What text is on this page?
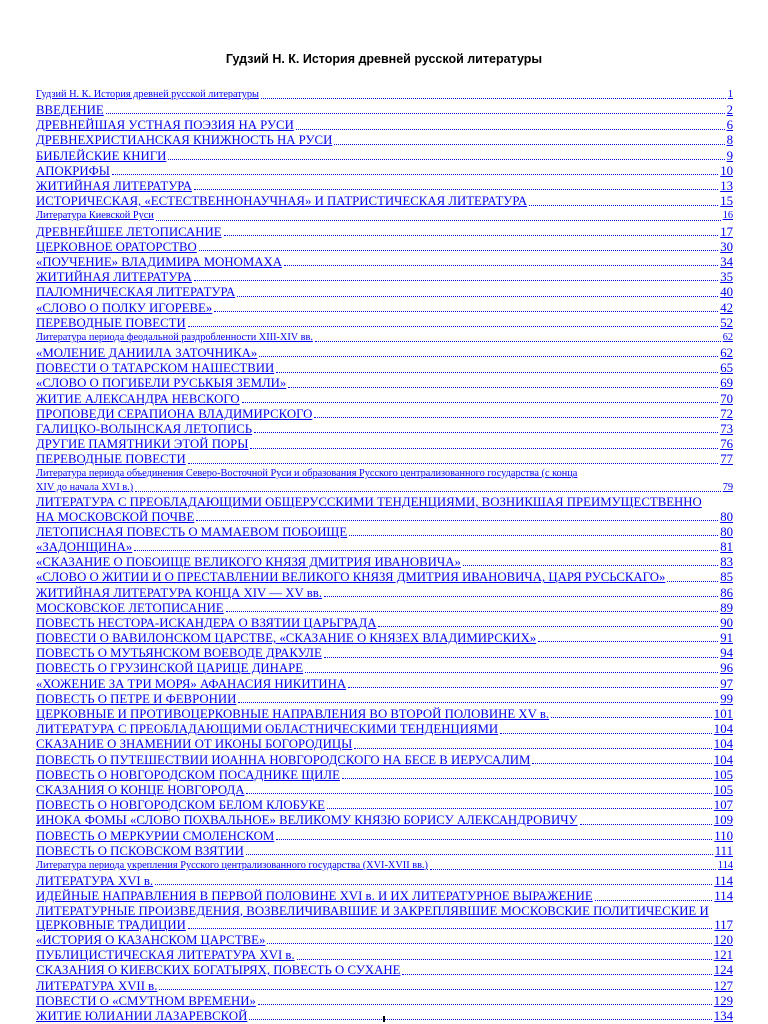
Гудзий Н. К. История древней русской литературы
Гудзий Н. К. История древней русской литературы	1
ВВЕДЕНИЕ	2
ДРЕВНЕЙШАЯ УСТНАЯ ПОЭЗИЯ НА РУСИ	6
ДРЕВНЕХРИСТИАНСКАЯ КНИЖНОСТЬ НА РУСИ	8
БИБЛЕЙСКИЕ КНИГИ	9
АПОКРИФЫ	10
ЖИТИЙНАЯ ЛИТЕРАТУРА	13
ИСТОРИЧЕСКАЯ, «ЕСТЕСТВЕННОНАУЧНАЯ» И ПАТРИСТИЧЕСКАЯ ЛИТЕРАТУРА	15
Литература Киевской Руси	16
ДРЕВНЕЙШЕЕ ЛЕТОПИСАНИЕ	17
ЦЕРКОВНОЕ ОРАТОРСТВО	30
«ПОУЧЕНИЕ» ВЛАДИМИРА МОНОМАХА	34
ЖИТИЙНАЯ ЛИТЕРАТУРА	35
ПАЛОМНИЧЕСКАЯ ЛИТЕРАТУРА	40
«СЛОВО О ПОЛКУ ИГОРЕВЕ»	42
ПЕРЕВОДНЫЕ ПОВЕСТИ	52
Литература периода феодальной раздробленности XIII-XIV вв.	62
«МОЛЕНИЕ ДАНИИЛА ЗАТОЧНИКА»	62
ПОВЕСТИ О ТАТАРСКОМ НАШЕСТВИИ	65
«СЛОВО О ПОГИБЕЛИ РУСЬКЫЯ ЗЕМЛИ»	69
ЖИТИЕ АЛЕКСАНДРА НЕВСКОГО	70
ПРОПОВЕДИ СЕРАПИОНА ВЛАДИМИРСКОГО	72
ГАЛИЦКО-ВОЛЫНСКАЯ ЛЕТОПИСЬ	73
ДРУГИЕ ПАМЯТНИКИ ЭТОЙ ПОРЫ	76
ПЕРЕВОДНЫЕ ПОВЕСТИ	77
Литература периода объединения Северо-Восточной Руси и образования Русского централизованного государства (с конца
XIV до начала XVI в.)	79
ЛИТЕРАТУРА С ПРЕОБЛАДАЮЩИМИ ОБЩЕРУССКИМИ ТЕНДЕНЦИЯМИ, ВОЗНИКШАЯ ПРЕИМУЩЕСТВЕННО
НА МОСКОВСКОЙ ПОЧВЕ	80
ЛЕТОПИСНАЯ ПОВЕСТЬ О МАМАЕВОМ ПОБОИЩЕ	80
«ЗАДОНЩИНА»	81
«СКАЗАНИЕ О ПОБОИЩЕ ВЕЛИКОГО КНЯЗЯ ДМИТРИЯ ИВАНОВИЧА»	83
«СЛОВО О ЖИТИИ И О ПРЕСТАВЛЕНИИ ВЕЛИКОГО КНЯЗЯ ДМИТРИЯ ИВАНОВИЧА, ЦАРЯ РУСЬСКАГО»	85
ЖИТИЙНАЯ ЛИТЕРАТУРА КОНЦА XIV — XV вв.	86
МОСКОВСКОЕ ЛЕТОПИСАНИЕ	89
ПОВЕСТЬ НЕСТОРА-ИСКАНДЕРА О ВЗЯТИИ ЦАРЬГРАДА	90
ПОВЕСТИ О ВАВИЛОНСКОМ ЦАРСТВЕ, «СКАЗАНИЕ О КНЯЗЕХ ВЛАДИМИРСКИХ»	91
ПОВЕСТЬ О МУТЬЯНСКОМ ВОЕВОДЕ ДРАКУЛЕ	94
ПОВЕСТЬ О ГРУЗИНСКОЙ ЦАРИЦЕ ДИНАРЕ	96
«ХОЖЕНИЕ ЗА ТРИ МОРЯ» АФАНАСИЯ НИКИТИНА	97
ПОВЕСТЬ О ПЕТРЕ И ФЕВРОНИИ	99
ЦЕРКОВНЫЕ И ПРОТИВОЦЕРКОВНЫЕ НАПРАВЛЕНИЯ ВО ВТОРОЙ ПОЛОВИНЕ XV в.	101
ЛИТЕРАТУРА С ПРЕОБЛАДАЮЩИМИ ОБЛАСТНИЧЕСКИМИ ТЕНДЕНЦИЯМИ	104
СКАЗАНИЕ О ЗНАМЕНИИ ОТ ИКОНЫ БОГОРОДИЦЫ	104
ПОВЕСТЬ О ПУТЕШЕСТВИИ ИОАННА НОВГОРОДСКОГО НА БЕСЕ В ИЕРУСАЛИМ	104
ПОВЕСТЬ О НОВГОРОДСКОМ ПОСАДНИКЕ ЩИЛЕ	105
СКАЗАНИЯ О КОНЦЕ НОВГОРОДА	105
ПОВЕСТЬ О НОВГОРОДСКОМ БЕЛОМ КЛОБУКЕ	107
ИНОКА ФОМЫ «СЛОВО ПОХВАЛЬНОЕ» ВЕЛИКОМУ КНЯЗЮ БОРИСУ АЛЕКСАНДРОВИЧУ	109
ПОВЕСТЬ О МЕРКУРИИ СМОЛЕНСКОМ	110
ПОВЕСТЬ О ПСКОВСКОМ ВЗЯТИИ	111
Литература периода укрепления Русского централизованного государства (XVI-XVII вв.)	114
ЛИТЕРАТУРА XVI в.	114
ИДЕЙНЫЕ НАПРАВЛЕНИЯ В ПЕРВОЙ ПОЛОВИНЕ XVI в. И ИХ ЛИТЕРАТУРНОЕ ВЫРАЖЕНИЕ	114
ЛИТЕРАТУРНЫЕ ПРОИЗВЕДЕНИЯ, ВОЗВЕЛИЧИВАВШИЕ И ЗАКРЕПЛЯВШИЕ МОСКОВСКИЕ ПОЛИТИЧЕСКИЕ И
ЦЕРКОВНЫЕ ТРАДИЦИИ	117
«ИСТОРИЯ О КАЗАНСКОМ ЦАРСТВЕ»	120
ПУБЛИЦИСТИЧЕСКАЯ ЛИТЕРАТУРА XVI в.	121
СКАЗАНИЯ О КИЕВСКИХ БОГАТЫРЯХ, ПОВЕСТЬ О СУХАНЕ	124
ЛИТЕРАТУРА XVII в.	127
ПОВЕСТИ О «СМУТНОМ ВРЕМЕНИ»	129
ЖИТИЕ ЮЛИАНИИ ЛАЗАРЕВСКОЙ	134
